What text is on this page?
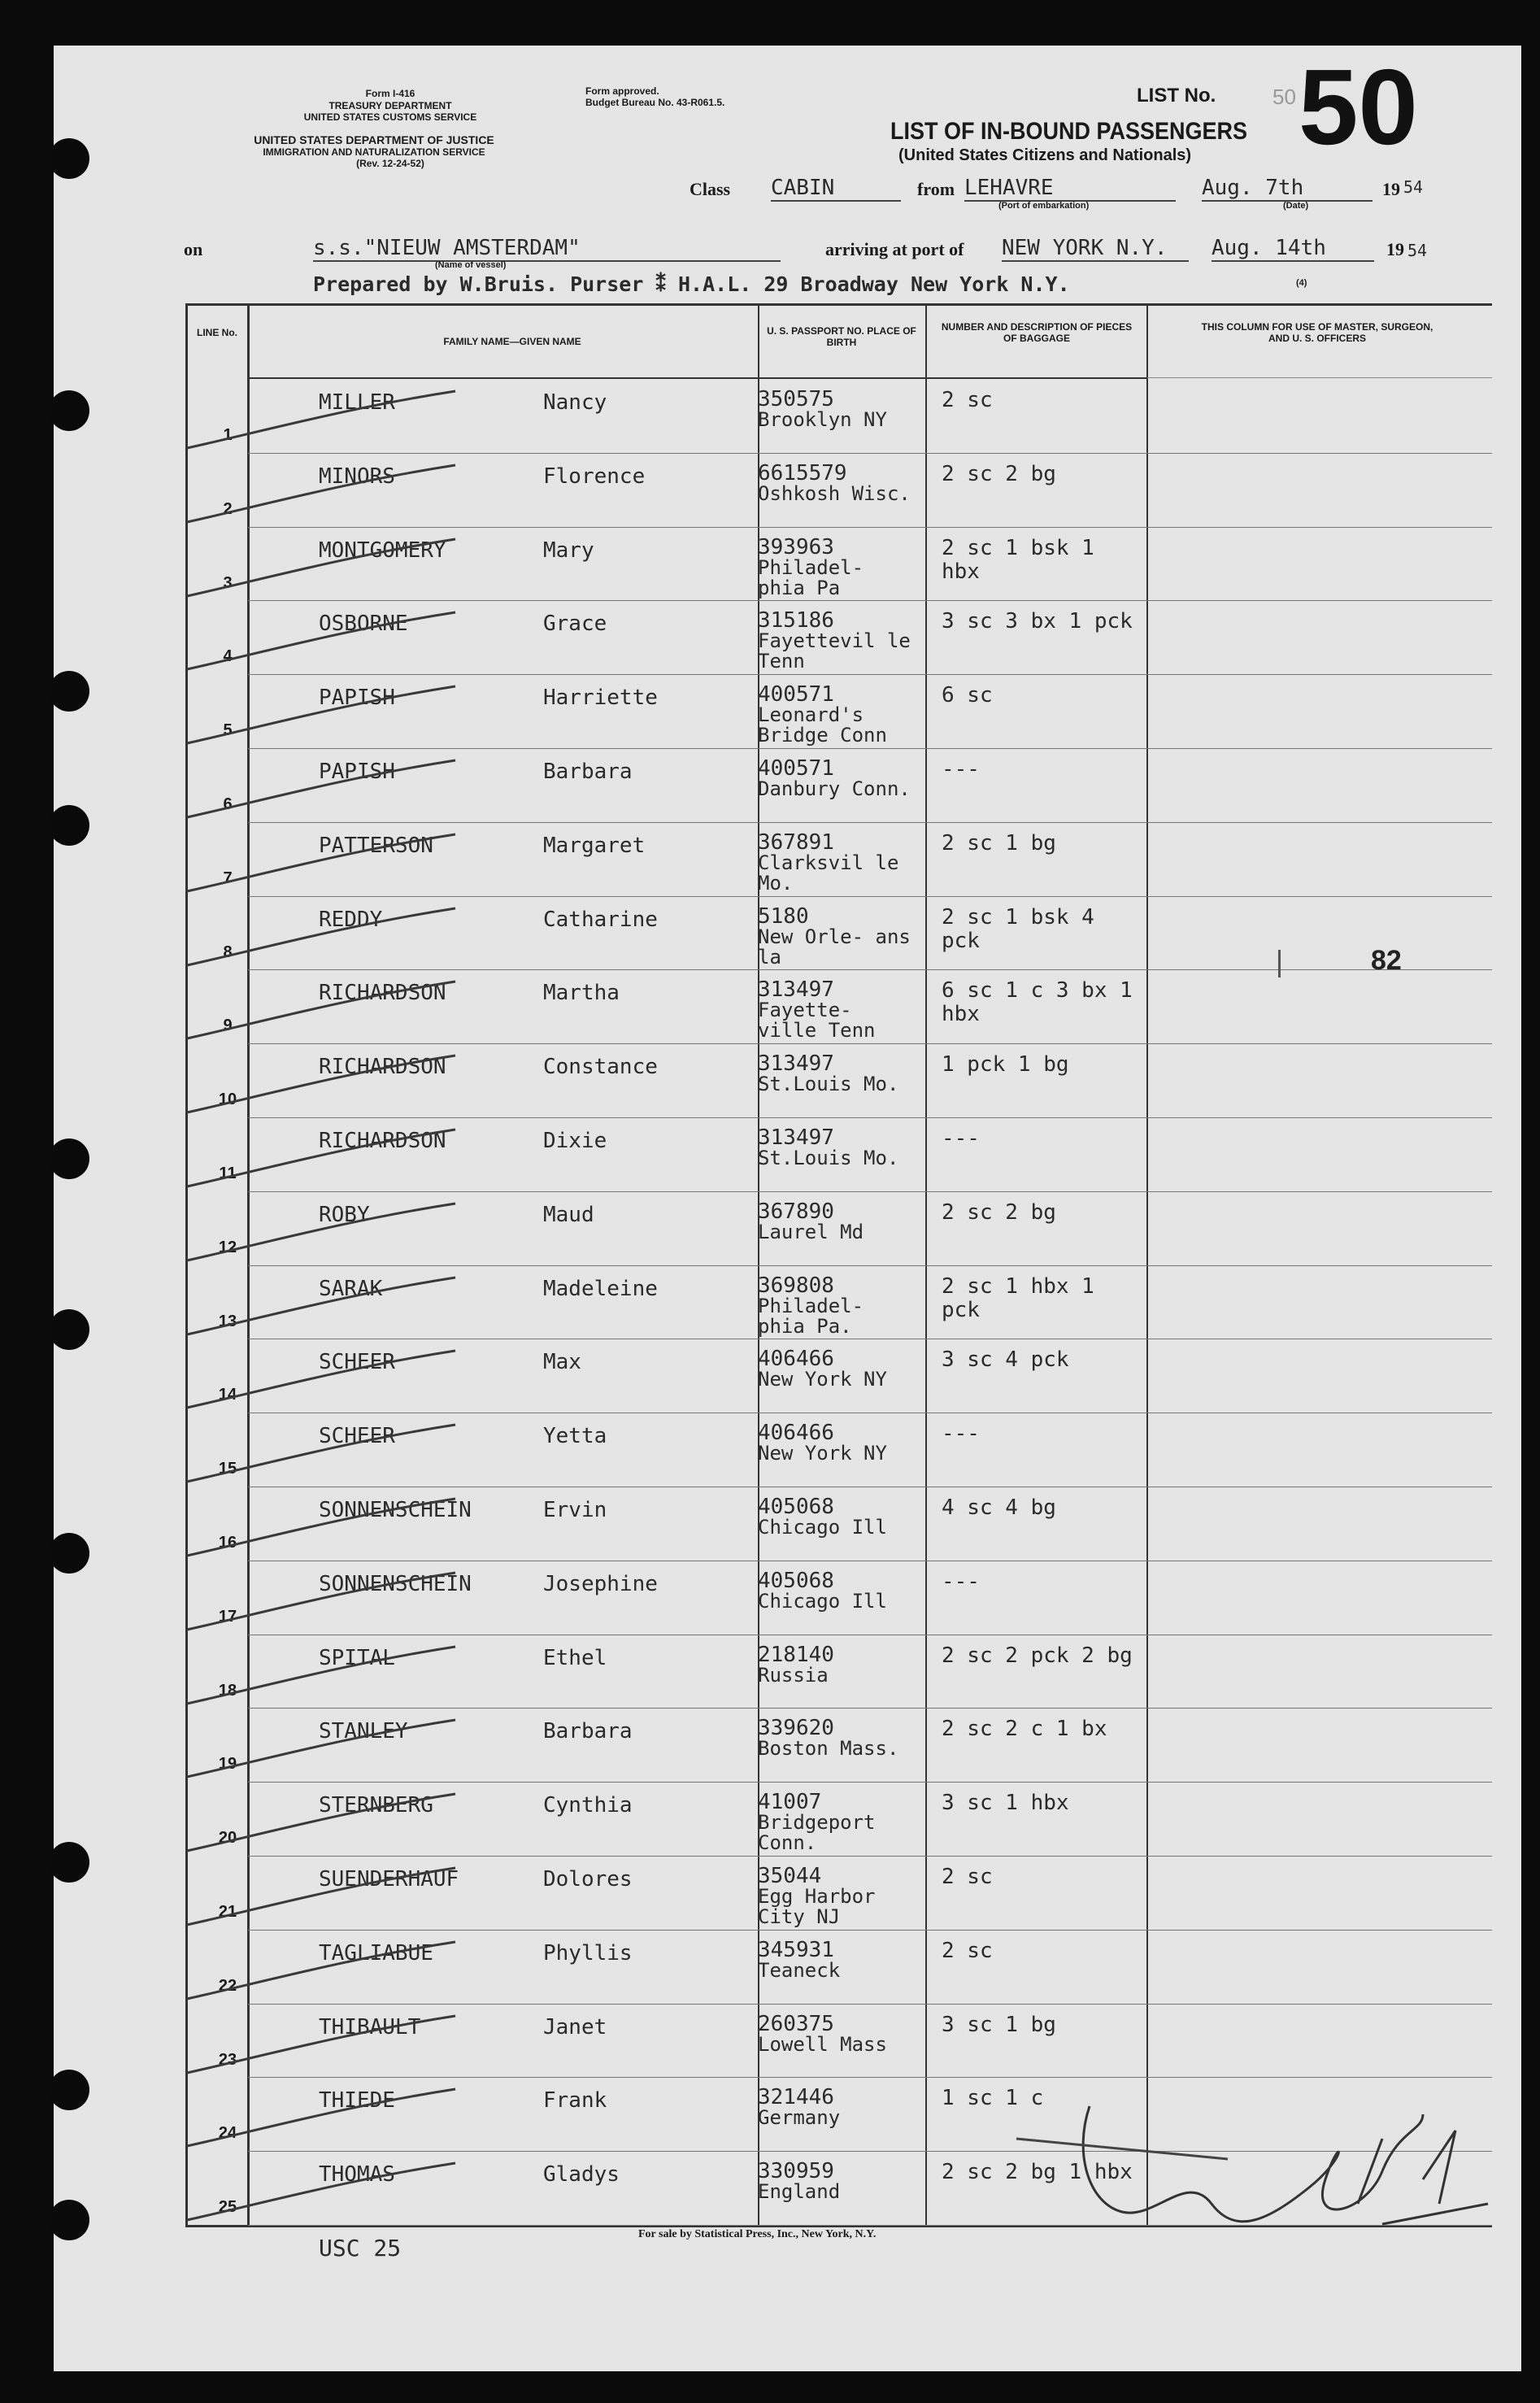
Form I-416
TREASURY DEPARTMENT
UNITED STATES CUSTOMS SERVICE
UNITED STATES DEPARTMENT OF JUSTICE
IMMIGRATION AND NATURALIZATION SERVICE
(Rev. 12-24-52)
Form approved.
Budget Bureau No. 43-R061.5.
LIST OF IN-BOUND PASSENGERS
(United States Citizens and Nationals)
LIST No.	50 50
Class CABIN	from LEHAVRE
(Port of embarkation)
Aug. 7th
(Date)
19 54
on	s.s."NIEUW AMSTERDAM"
(Name of vessel)
arriving at port of NEW YORK N.Y.	Aug. 14th	19 54
Prepared by W.Bruis. Purser ⁑ H.A.L. 29 Broadway New York N.Y.	(4)
LINE No.
FAMILY NAME—GIVEN NAME
U. S. PASSPORT NO. PLACE OF BIRTH
NUMBER AND DESCRIPTION OF PIECES OF BAGGAGE
THIS COLUMN FOR USE OF MASTER, SURGEON, AND U. S. OFFICERS
1
MILLER	Nancy	350575
Brooklyn NY
2 sc
2
MINORS	Florence	6615579
Oshkosh Wisc.
2 sc 2 bg
3
MONTGOMERY	Mary	393963
Philadel- phia Pa
2 sc 1 bsk 1 hbx
4
OSBORNE	Grace	315186
Fayettevil le Tenn
3 sc 3 bx 1 pck
5
PAPISH	Harriette	400571
Leonard's Bridge Conn
6 sc
6
PAPISH	Barbara	400571
Danbury Conn.
---
7
PATTERSON	Margaret	367891
Clarksvil le Mo.
2 sc 1 bg
8
REDDY	Catharine	5180
New Orle- ans la
2 sc 1 bsk 4 pck
9
RICHARDSON	Martha	313497
Fayette- ville Tenn
6 sc 1 c 3 bx 1 hbx
10
RICHARDSON	Constance	313497
St.Louis Mo.
1 pck 1 bg
11
RICHARDSON	Dixie	313497
St.Louis Mo.
---
12
ROBY	Maud	367890
Laurel Md
2 sc 2 bg
13
SARAK	Madeleine	369808
Philadel- phia Pa.
2 sc 1 hbx 1 pck
14
SCHEER	Max	406466
New York NY
3 sc 4 pck
15
SCHEER	Yetta	406466
New York NY
---
16
SONNENSCHEIN	Ervin	405068
Chicago Ill
4 sc 4 bg
17
SONNENSCHEIN	Josephine	405068
Chicago Ill
---
18
SPITAL	Ethel	218140
Russia
2 sc 2 pck 2 bg
19
STANLEY	Barbara	339620
Boston Mass.
2 sc 2 c 1 bx
20
STERNBERG	Cynthia	41007
Bridgeport Conn.
3 sc 1 hbx
21
SUENDERHAUF	Dolores	35044
Egg Harbor City NJ
2 sc
22
TAGLIABUE	Phyllis	345931
Teaneck
2 sc
23
THIBAULT	Janet	260375
Lowell Mass
3 sc 1 bg
24
THIEDE	Frank	321446
Germany
1 sc 1 c
25
THOMAS	Gladys	330959
England
2 sc 2 bg 1 hbx
82
USC 25
For sale by Statistical Press, Inc., New York, N.Y.
